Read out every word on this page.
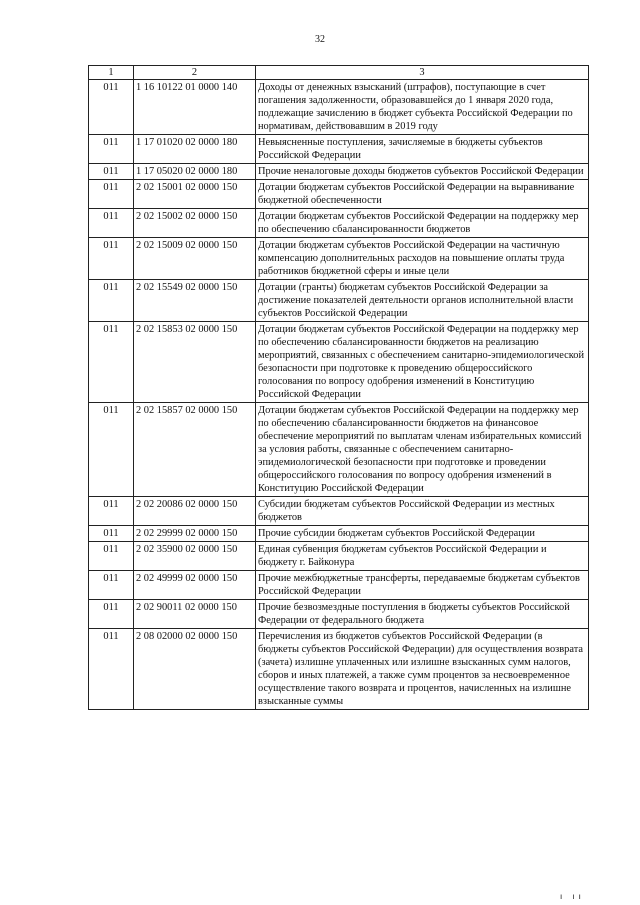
32
1	2	3
011	1 16 10122 01 0000 140	Доходы от денежных взысканий (штрафов), поступающие в счет погашения задолженности, образовавшейся до 1 января 2020 года, подлежащие зачислению в бюджет субъекта Российской Федерации по нормативам, действовавшим в 2019 году
011	1 17 01020 02 0000 180	Невыясненные поступления, зачисляемые в бюджеты субъектов Российской Федерации
011	1 17 05020 02 0000 180	Прочие неналоговые доходы бюджетов субъектов Российской Федерации
011	2 02 15001 02 0000 150	Дотации бюджетам субъектов Российской Федерации на выравнивание бюджетной обеспеченности
011	2 02 15002 02 0000 150	Дотации бюджетам субъектов Российской Федерации на поддержку мер по обеспечению сбалансированности бюджетов
011	2 02 15009 02 0000 150	Дотации бюджетам субъектов Российской Федерации на частичную компенсацию дополнительных расходов на повышение оплаты труда работников бюджетной сферы и иные цели
011	2 02 15549 02 0000 150	Дотации (гранты) бюджетам субъектов Российской Федерации за достижение показателей деятельности органов исполнительной власти субъектов Российской Федерации
011	2 02 15853 02 0000 150	Дотации бюджетам субъектов Российской Федерации на поддержку мер по обеспечению сбалансированности бюджетов на реализацию мероприятий, связанных с обеспечением санитарно-эпидемиологической безопасности при подготовке к проведению общероссийского голосования по вопросу одобрения изменений в Конституцию Российской Федерации
011	2 02 15857 02 0000 150	Дотации бюджетам субъектов Российской Федерации на поддержку мер по обеспечению сбалансированности бюджетов на финансовое обеспечение мероприятий по выплатам членам избирательных комиссий за условия работы, связанные с обеспечением санитарно-эпидемиологической безопасности при подготовке и проведении общероссийского голосования по вопросу одобрения изменений в Конституцию Российской Федерации
011	2 02 20086 02 0000 150	Субсидии бюджетам субъектов Российской Федерации из местных бюджетов
011	2 02 29999 02 0000 150	Прочие субсидии бюджетам субъектов Российской Федерации
011	2 02 35900 02 0000 150	Единая субвенция бюджетам субъектов Российской Федерации и бюджету г. Байконура
011	2 02 49999 02 0000 150	Прочие межбюджетные трансферты, передаваемые бюджетам субъектов Российской Федерации
011	2 02 90011 02 0000 150	Прочие безвозмездные поступления в бюджеты субъектов Российской Федерации от федерального бюджета
011	2 08 02000 02 0000 150	Перечисления из бюджетов субъектов Российской Федерации (в бюджеты субъектов Российской Федерации) для осуществления возврата (зачета) излишне уплаченных или излишне взысканных сумм налогов, сборов и иных платежей, а также сумм процентов за несвоевременное осуществление такого возврата и процентов, начисленных на излишне взысканные суммы
ı ıı
